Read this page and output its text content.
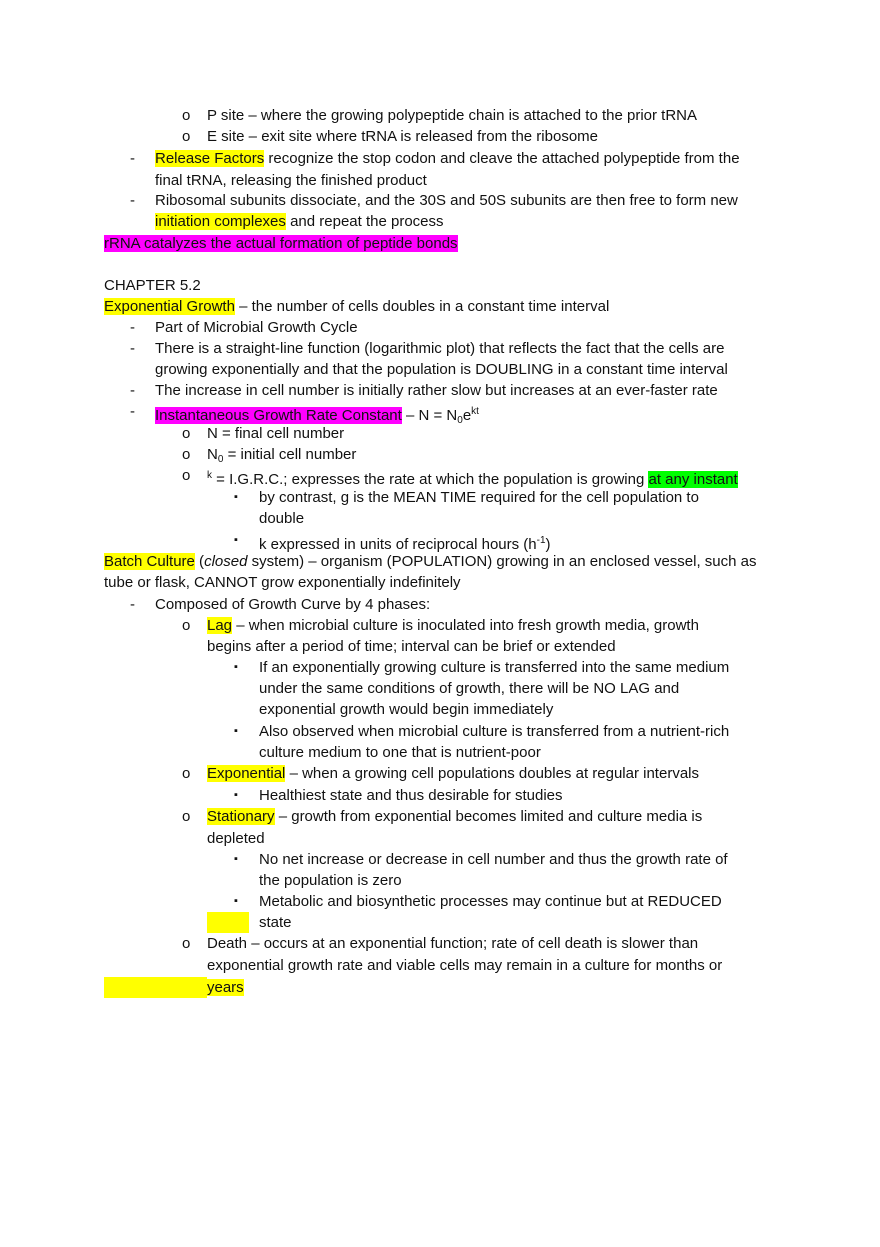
o P site – where the growing polypeptide chain is attached to the prior tRNA
o E site – exit site where tRNA is released from the ribosome
- Release Factors recognize the stop codon and cleave the attached polypeptide from the
final tRNA, releasing the finished product
- Ribosomal subunits dissociate, and the 30S and 50S subunits are then free to form new
initiation complexes and repeat the process
rRNA catalyzes the actual formation of peptide bonds
CHAPTER 5.2
Exponential Growth – the number of cells doubles in a constant time interval
- Part of Microbial Growth Cycle
- There is a straight-line function (logarithmic plot) that reflects the fact that the cells are
growing exponentially and that the population is DOUBLING in a constant time interval
- The increase in cell number is initially rather slow but increases at an ever-faster rate
- Instantaneous Growth Rate Constant – $N = N_0e^{kt}$
o N = final cell number
o $N_0$ = initial cell number
o $^k$ = I.G.R.C.; expresses the rate at which the population is growing at any instant
▪ by contrast, g is the MEAN TIME required for the cell population to
double
▪ k expressed in units of reciprocal hours $(h^{-1})$
Batch Culture (closed system) – organism (POPULATION) growing in an enclosed vessel, such as
tube or flask, CANNOT grow exponentially indefinitely
- Composed of Growth Curve by 4 phases:
o Lag – when microbial culture is inoculated into fresh growth media, growth
begins after a period of time; interval can be brief or extended
▪ If an exponentially growing culture is transferred into the same medium
under the same conditions of growth, there will be NO LAG and
exponential growth would begin immediately
▪ Also observed when microbial culture is transferred from a nutrient-rich
culture medium to one that is nutrient-poor
o Exponential – when a growing cell populations doubles at regular intervals
▪ Healthiest state and thus desirable for studies
o Stationary – growth from exponential becomes limited and culture media is
depleted
▪ No net increase or decrease in cell number and thus the growth rate of
the population is zero
▪ Metabolic and biosynthetic processes may continue but at REDUCED
state
o Death – occurs at an exponential function; rate of cell death is slower than
exponential growth rate and viable cells may remain in a culture for months or
years
